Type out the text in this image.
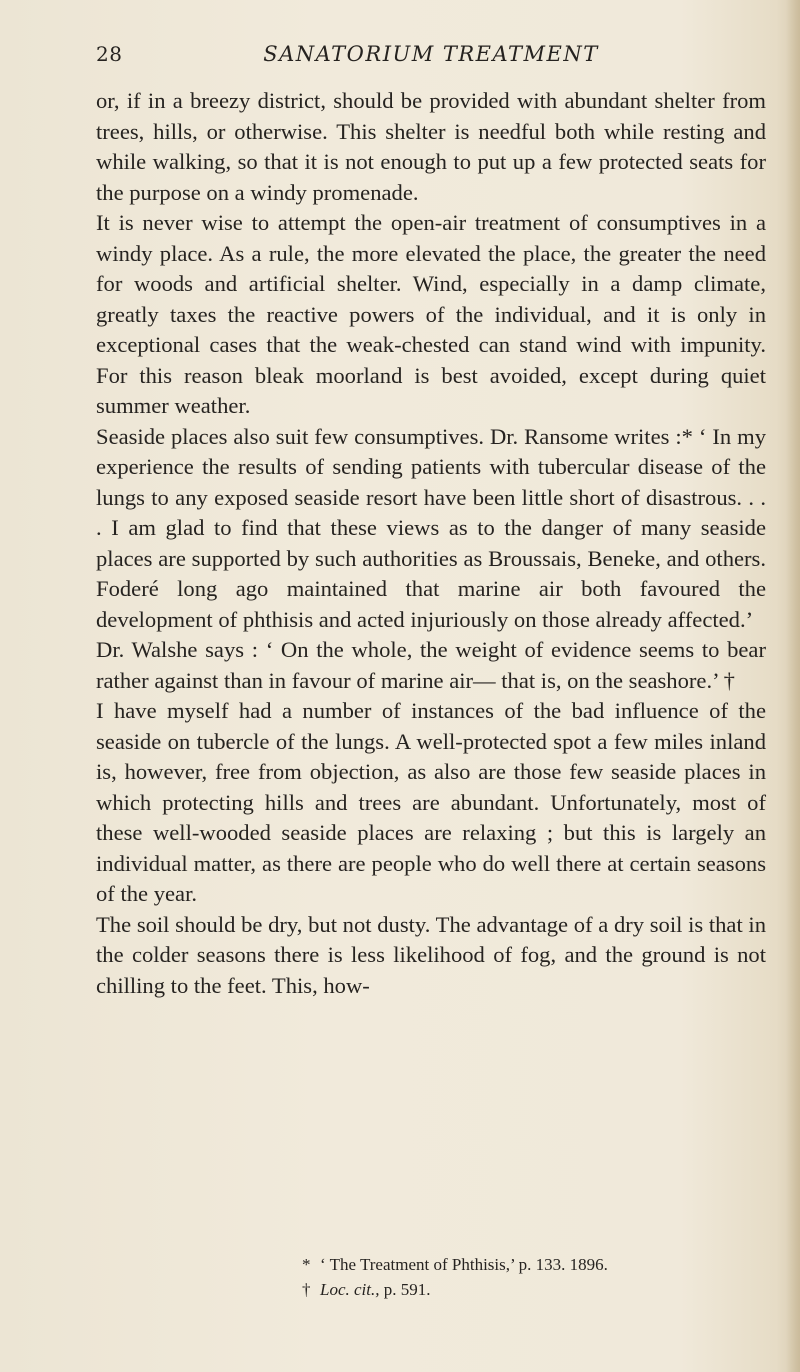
28	SANATORIUM TREATMENT

or, if in a breezy district, should be provided with abundant shelter from trees, hills, or otherwise. This shelter is needful both while resting and while walking, so that it is not enough to put up a few protected seats for the purpose on a windy promenade.

It is never wise to attempt the open-air treatment of consumptives in a windy place. As a rule, the more elevated the place, the greater the need for woods and artificial shelter. Wind, especially in a damp climate, greatly taxes the reactive powers of the individual, and it is only in exceptional cases that the weak-chested can stand wind with impunity. For this reason bleak moorland is best avoided, except during quiet summer weather.

Seaside places also suit few consumptives. Dr. Ransome writes :* ‘ In my experience the results of sending patients with tubercular disease of the lungs to any exposed seaside resort have been little short of disastrous. . . . I am glad to find that these views as to the danger of many seaside places are supported by such authorities as Broussais, Beneke, and others. Foderé long ago maintained that marine air both favoured the development of phthisis and acted injuriously on those already affected.’

Dr. Walshe says : ‘ On the whole, the weight of evidence seems to bear rather against than in favour of marine air— that is, on the seashore.’ †

I have myself had a number of instances of the bad influence of the seaside on tubercle of the lungs. A well-protected spot a few miles inland is, however, free from objection, as also are those few seaside places in which protecting hills and trees are abundant. Unfortunately, most of these well-wooded seaside places are relaxing ; but this is largely an individual matter, as there are people who do well there at certain seasons of the year.

The soil should be dry, but not dusty. The advantage of a dry soil is that in the colder seasons there is less likelihood of fog, and the ground is not chilling to the feet. This, how-

* ‘ The Treatment of Phthisis,’ p. 133. 1896.
† Loc. cit., p. 591.
